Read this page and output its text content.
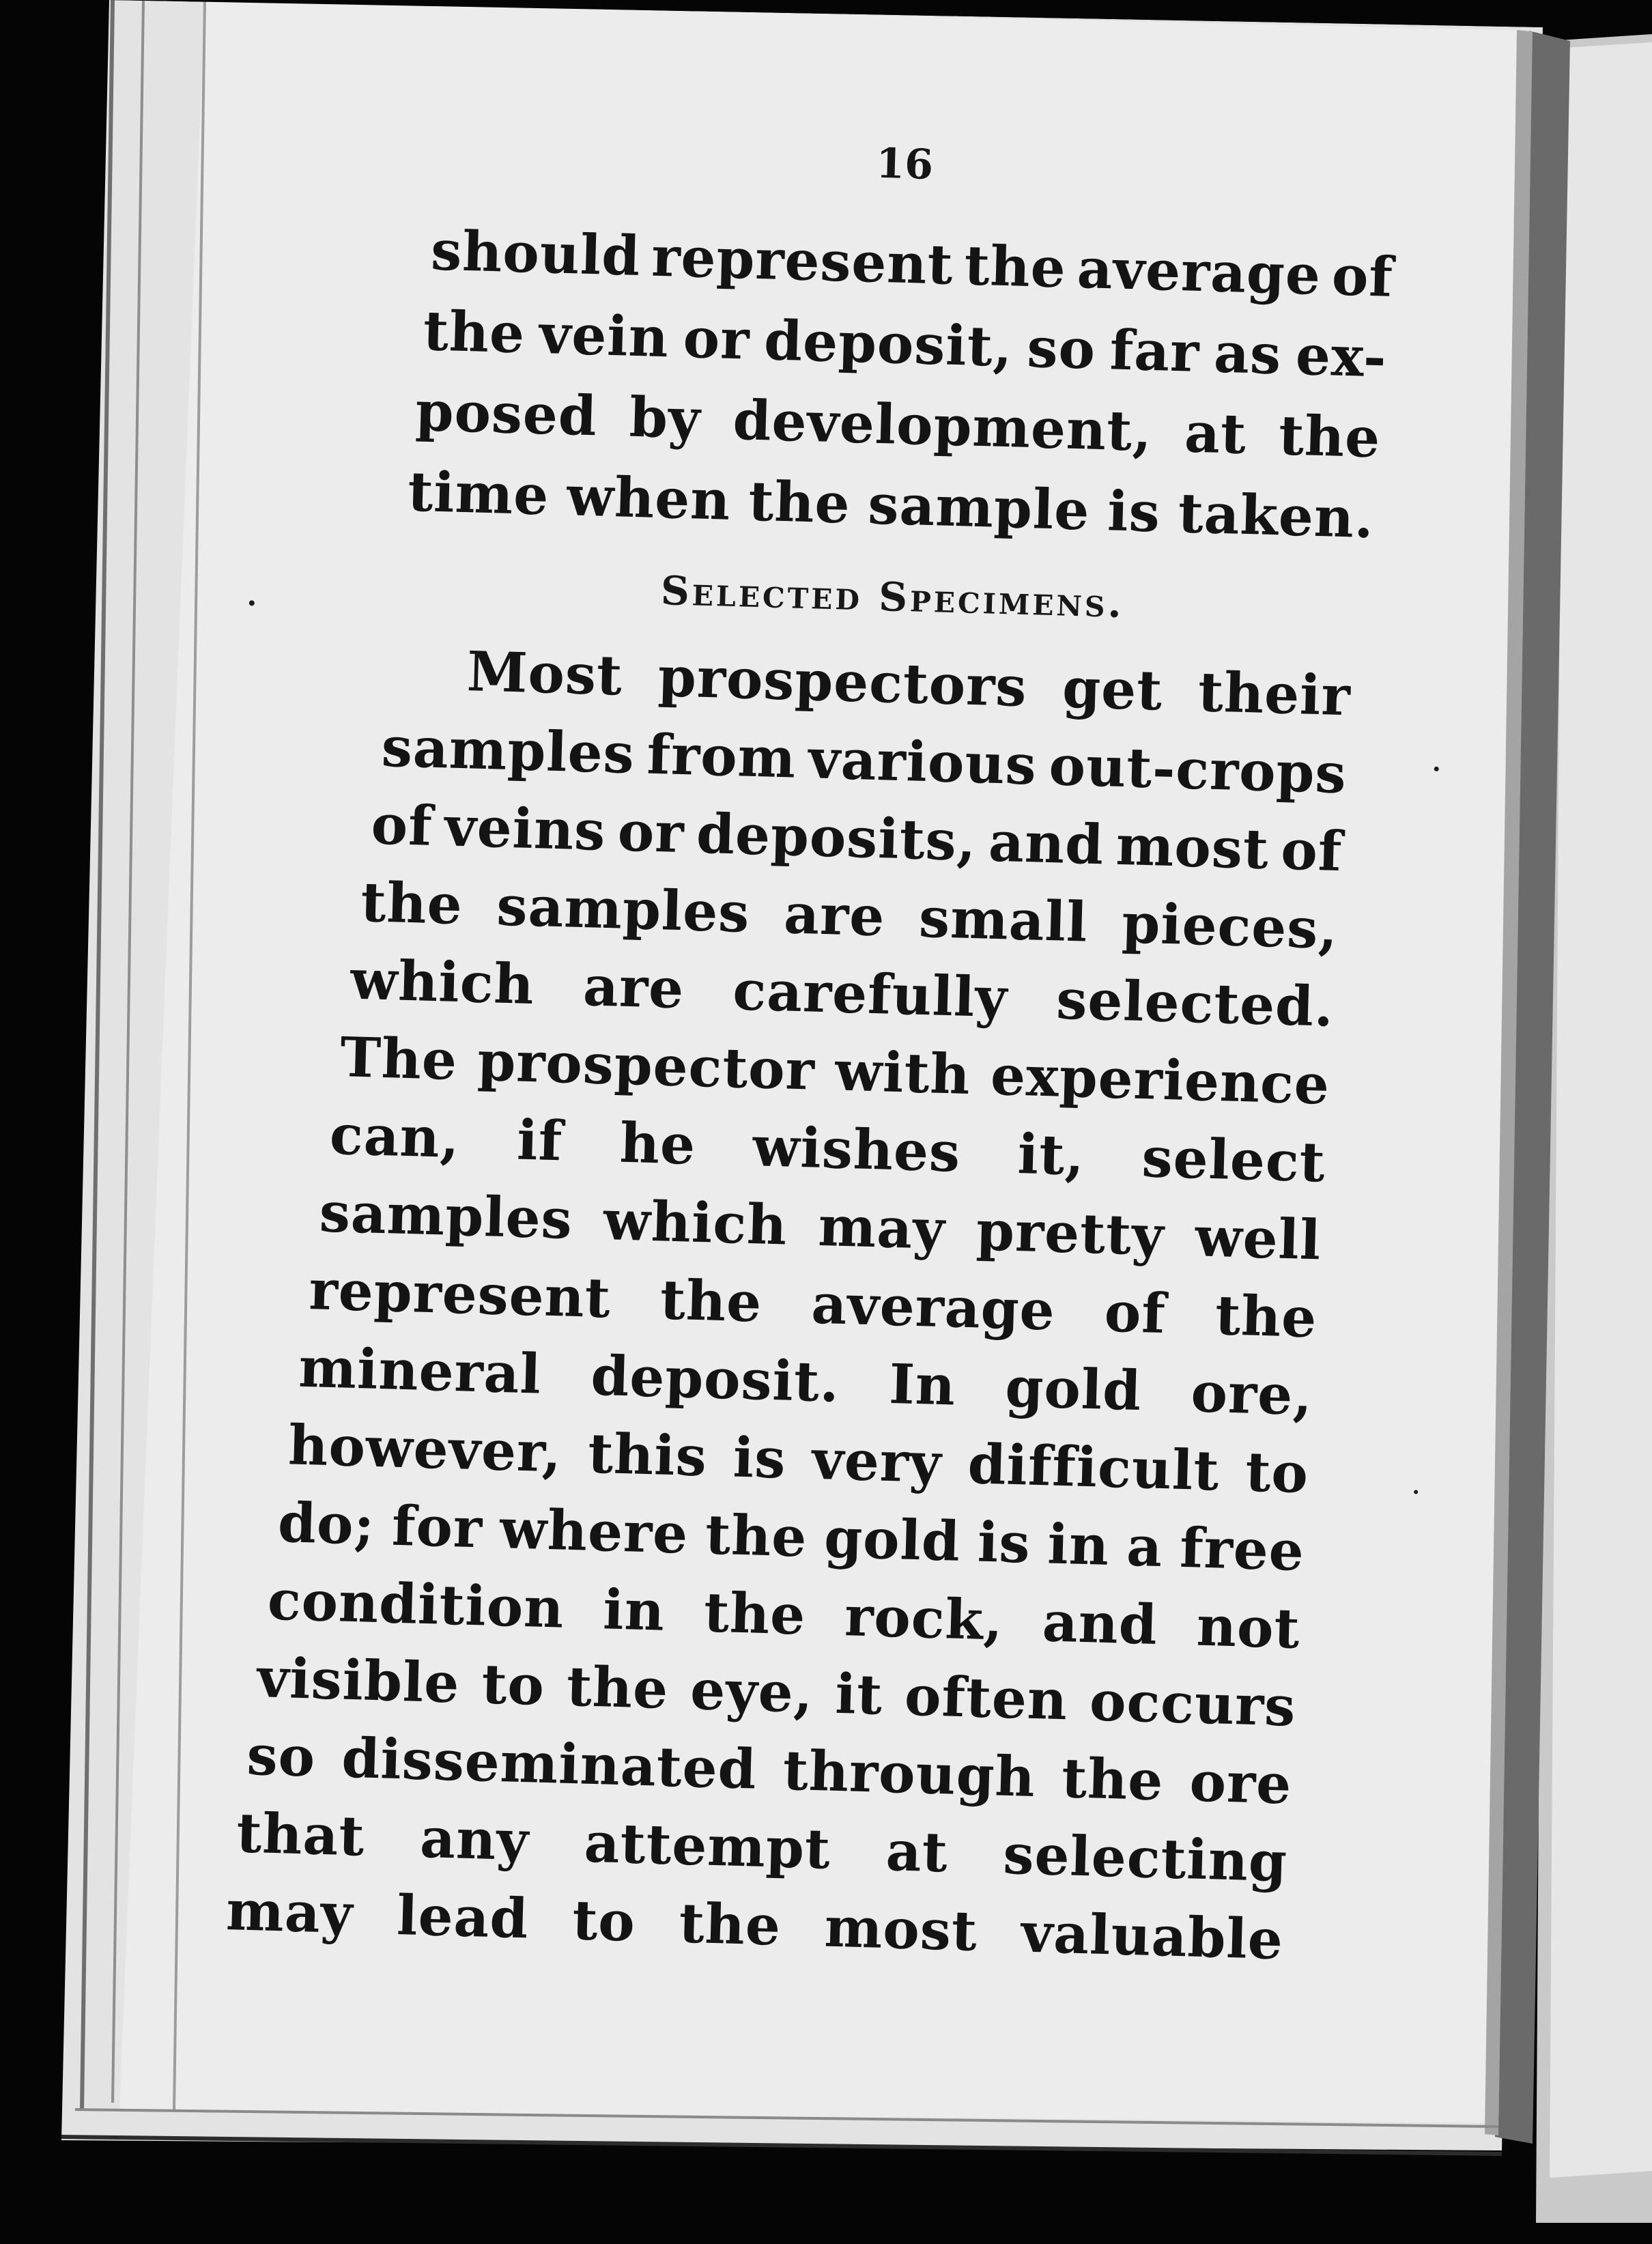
16
should represent the average of
the vein or deposit, so far as ex-
posed by development, at the
time when the sample is taken.
Selected Specimens.
Most prospectors get their
samples from various out-crops
of veins or deposits, and most of
the samples are small pieces,
which are carefully selected.
The prospector with experience
can, if he wishes it, select
samples which may pretty well
represent the average of the
mineral deposit. In gold ore,
however, this is very difficult to
do; for where the gold is in a free
condition in the rock, and not
visible to the eye, it often occurs
so disseminated through the ore
that any attempt at selecting
may lead to the most valuable
